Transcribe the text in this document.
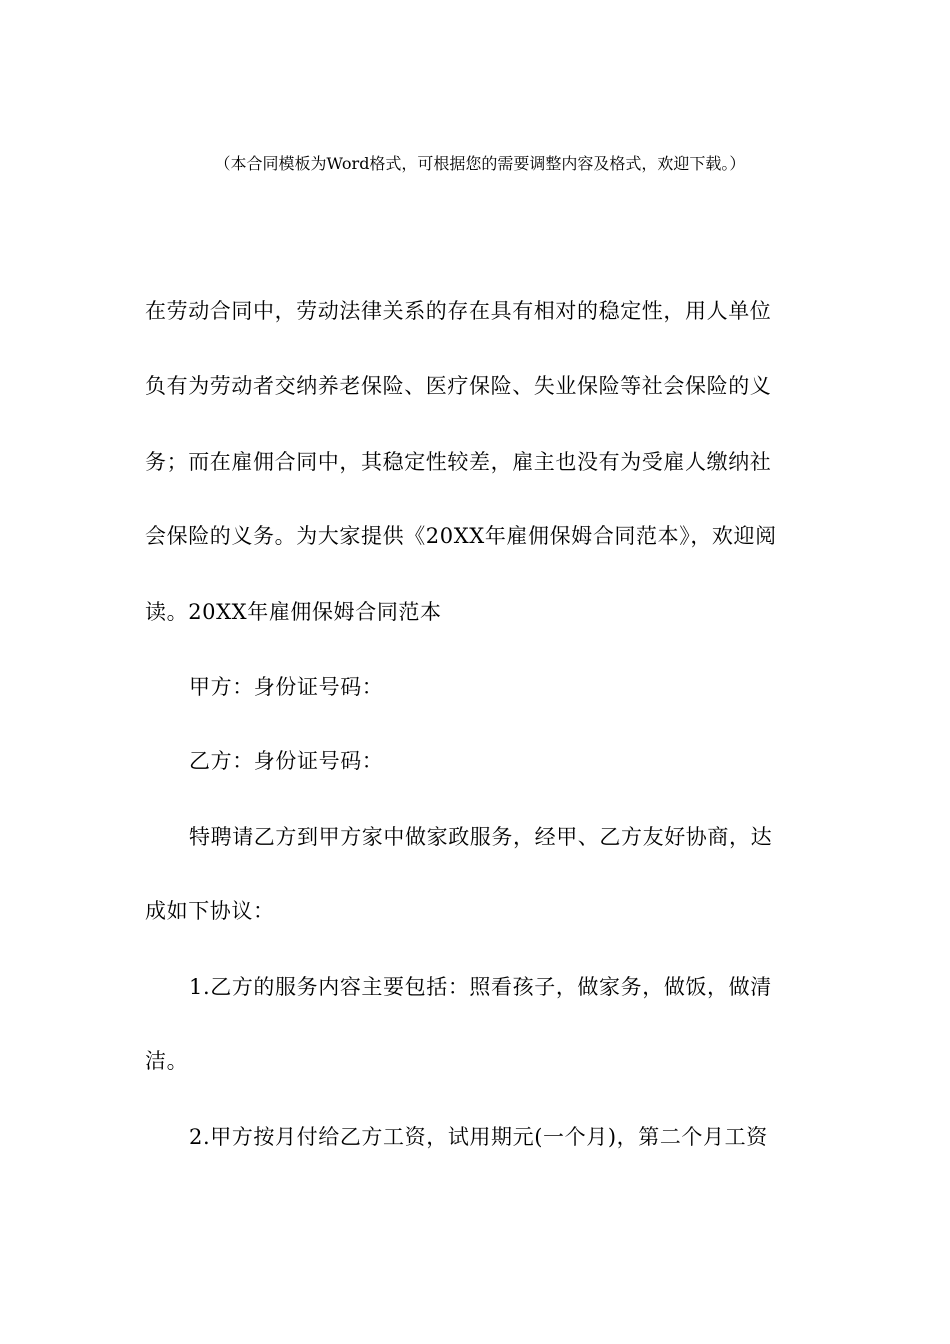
（本合同模板为Word格式，可根据您的需要调整内容及格式，欢迎下载。）
在劳动合同中，劳动法律关系的存在具有相对的稳定性，用人单位
负有为劳动者交纳养老保险、医疗保险、失业保险等社会保险的义
务；而在雇佣合同中，其稳定性较差，雇主也没有为受雇人缴纳社
会保险的义务。为大家提供《20XX年雇佣保姆合同范本》，欢迎阅
读。20XX年雇佣保姆合同范本
甲方：身份证号码：
乙方：身份证号码：
特聘请乙方到甲方家中做家政服务，经甲、乙方友好协商，达
成如下协议：
1.乙方的服务内容主要包括：照看孩子，做家务，做饭，做清
洁。
2.甲方按月付给乙方工资，试用期元(一个月)，第二个月工资
